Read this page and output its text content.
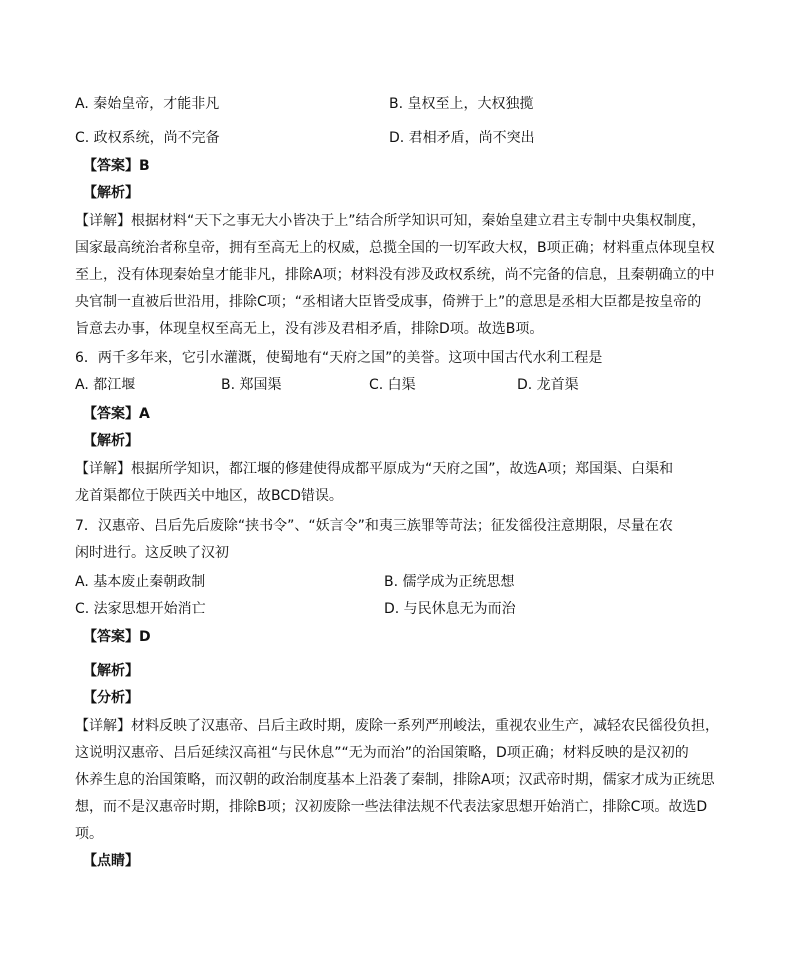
A. 秦始皇帝，才能非凡	B. 皇权至上，大权独揽
C. 政权系统，尚不完备	D. 君相矛盾，尚不突出
【答案】B
【解析】
【详解】根据材料“天下之事无大小皆决于上”结合所学知识可知，秦始皇建立君主专制中央集权制度，
国家最高统治者称皇帝，拥有至高无上的权威，总揽全国的一切军政大权，B项正确；材料重点体现皇权
至上，没有体现秦始皇才能非凡，排除A项；材料没有涉及政权系统，尚不完备的信息，且秦朝确立的中
央官制一直被后世沿用，排除C项；“丞相诸大臣皆受成事，倚辨于上”的意思是丞相大臣都是按皇帝的
旨意去办事，体现皇权至高无上，没有涉及君相矛盾，排除D项。故选B项。
6．两千多年来，它引水灌溉，使蜀地有“天府之国”的美誉。这项中国古代水利工程是
A. 都江堰	B. 郑国渠	C. 白渠	D. 龙首渠
【答案】A
【解析】
【详解】根据所学知识，都江堰的修建使得成都平原成为“天府之国”，故选A项；郑国渠、白渠和
龙首渠都位于陕西关中地区，故BCD错误。
7．汉惠帝、吕后先后废除“挟书令”、“妖言令”和夷三族罪等苛法；征发徭役注意期限，尽量在农
闲时进行。这反映了汉初
A. 基本废止秦朝政制	B. 儒学成为正统思想
C. 法家思想开始消亡	D. 与民休息无为而治
【答案】D
【解析】
【分析】
【详解】材料反映了汉惠帝、吕后主政时期，废除一系列严刑峻法，重视农业生产，减轻农民徭役负担，
这说明汉惠帝、吕后延续汉高祖“与民休息”“无为而治”的治国策略，D项正确；材料反映的是汉初的
休养生息的治国策略，而汉朝的政治制度基本上沿袭了秦制，排除A项；汉武帝时期，儒家才成为正统思
想，而不是汉惠帝时期，排除B项；汉初废除一些法律法规不代表法家思想开始消亡，排除C项。故选D
项。
【点睛】
